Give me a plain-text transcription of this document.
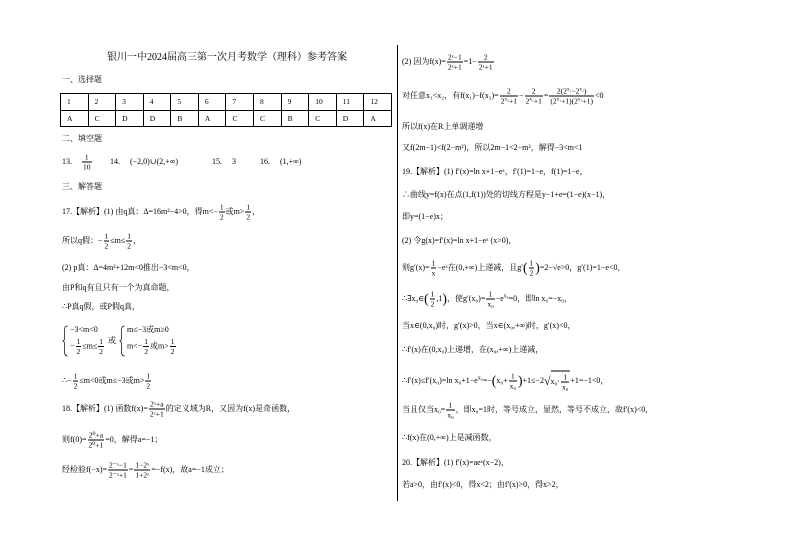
银川一中2024届高三第一次月考数学（理科）参考答案
一、选择题
1	2	3	4	5	6	7	8	9	10	11	12
A	C	D	D	B	A	C	C	B	C	D	A
二、填空题
13. $\frac{1}{10} 14$. (−2,0)∪(2,+∞)	15. 3	16. (1,+∞)
三、解答题
17.【解析】(1) 由q真：Δ=16m²−4>0，得$m<- \frac{1}{2}$ 或$m> \frac{1}{2}$ ，
所以q假：− $\frac{1}{2} \le m\le \frac{1}{2}$ ，
(2) p真：Δ=4m²+12m<0推出−3<m<0，
由P和q有且只有一个为真命题，
∴P真q假，或P假q真，
−3<m<0
− $\frac{1}{2} \le m\le \frac{1}{2}$ 或
m≤−3或m≥0
$m<- \frac{1}{2}$ 或$m> \frac{1}{2}$
∴− $\frac{1}{2} \le m<0$或m≤−3或$m> \frac{1}{2}$
18.【解析】(1) 函数$f(x)= \frac{\text{2ˣ+a}}{\text{2ˣ+1}}$ 的定义域为R，又因为f(x)是奇函数，
则$f(0)= \frac{\text{2⁰+a}}{\text{2⁰+1}} =0$，解得a=−1；
经检验$f(-x)= \frac{\text{2⁻ˣ−1}}{\text{2⁻ˣ+1}} = \frac{\text{1−2ˣ}}{\text{1+2ˣ}} =-f(x)$，故a=−1成立；
(2) 因为$f(x)= \frac{\text{2ˣ−1}}{\text{2ˣ+1}} =1- \frac{2}{\text{2ˣ+1}}$
对任意x₁<x₂，有$f(x_1)-f(x_2)= \frac{2}{2^{x_2}+1} - \frac{2}{2^{x_1}+1} = \frac{2(2^{x_1}-2^{x_2})}{(2^{x_1}+1)(2^{x_2}+1)} <0$
所以f(x)在R上单调递增
又f(2m−1)<f(2−m²)，所以2m−1<2−m²，解得−3<m<1
19.【解析】(1) f′(x)=ln x+1−eˣ，f′(1)=1−e，f(1)=1−e，
∴曲线y=f(x)在点(1,f(1))处的切线方程是y−1+e=(1−e)(x−1)，
即y=(1−e)x；
(2) 令g(x)=f′(x)=ln x+1−eˣ (x>0)，
则$g'(x)= \frac{1}{x}$ −eˣ在(0,+∞)上递减，且$g'( \frac{1}{2} )=2-√e>0$，g′(1)=1−e<0，
∴∃x₀∈( $\frac{1}{2} ,1$)，使$g'(x_0)= \frac{1}{\text{x₀}} -e^{x_0}=0$，即ln x₀=−x₀，
当x∈(0,x₀)时，g′(x)>0，当x∈(x₀,+∞)时，g′(x)<0，
∴f′(x)在(0,x₀)上递增，在(x₀,+∞)上递减，
∴f′(x)≤f′(x₀)=ln $x_0+1-e^{x_0}=-(x_0+ \frac{1}{\text{x₀}} )+1\le-2√x_0\cdot \frac{1}{\text{x₀}} +1=-1<0$，
当且仅当$x_0= \frac{1}{\text{x₀}}$ ，即x₀=1时，等号成立，显然，等号不成立，故f′(x)<0，
∴f(x)在(0,+∞)上是减函数，
20.【解析】(1) f′(x)=aeˣ(x−2)，
若a>0，由f′(x)<0，得x<2；由f′(x)>0，得x>2，
